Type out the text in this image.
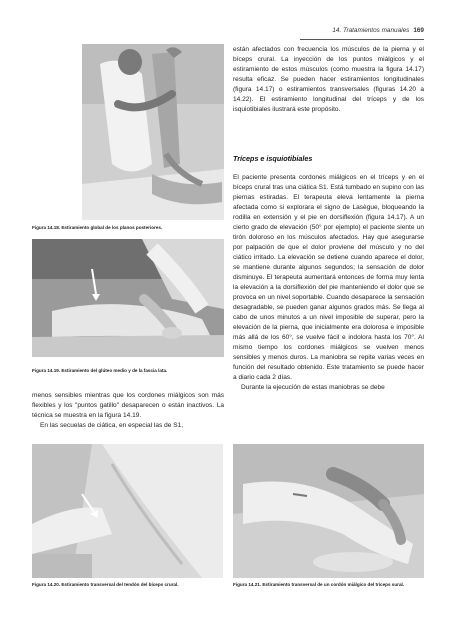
14. Tratamientos manuales 169
Figura 14.18. Estiramiento global de los planos posteriores.
Figura 14.19. Estiramiento del glúteo medio y de la fascia lata.

menos sensibles mientras que los cordones miálgicos son más flexibles y los "puntos gatillo" desaparecen o están inactivos. La técnica se muestra en la figura 14.19.

En las secuelas de ciática, en especial las de S1,

están afectados con frecuencia los músculos de la pierna y el bíceps crural. La inyección de los puntos miálgicos y el estiramiento de estos músculos (como muestra la figura 14.17) resulta eficaz. Se pueden hacer estiramientos longitudinales (figura 14.17) o estiramientos transversales (figuras 14.20 a 14.22). El estiramiento longitudinal del tríceps y de los isquiotibiales ilustrará este propósito.

Tríceps e isquiotibiales

El paciente presenta cordones miálgicos en el tríceps y en el bíceps crural tras una ciática S1. Está tumbado en supino con las piernas estiradas. El terapeuta eleva lentamente la pierna afectada como si explorara el signo de Lasègue, bloqueando la rodilla en extensión y el pie en dorsiflexión (figura 14.17). A un cierto grado de elevación (50° por ejemplo) el paciente siente un tirón doloroso en los músculos afectados. Hay que asegurarse por palpación de que el dolor proviene del músculo y no del ciático irritado. La elevación se detiene cuando aparece el dolor, se mantiene durante algunos segundos; la sensación de dolor disminuye. El terapeuta aumentará entonces de forma muy lenta la elevación a la dorsiflexión del pie manteniendo el dolor que se provoca en un nivel soportable. Cuando desaparece la sensación desagradable, se pueden ganar algunos grados más. Se llega al cabo de unos minutos a un nivel imposible de superar, pero la elevación de la pierna, que inicialmente era dolorosa e imposible más allá de los 60°, se vuelve fácil e indolora hasta los 70°. Al mismo tiempo los cordones miálgicos se vuelven menos sensibles y menos duros. La maniobra se repite varias veces en función del resultado obtenido. Este tratamiento se puede hacer a diario cada 2 días.

Durante la ejecución de estas maniobras se debe

Figura 14.20. Estiramiento transversal del tendón del bíceps crural.	Figura 14.21. Estiramiento transversal de un cordón miálgico del tríceps sural.
